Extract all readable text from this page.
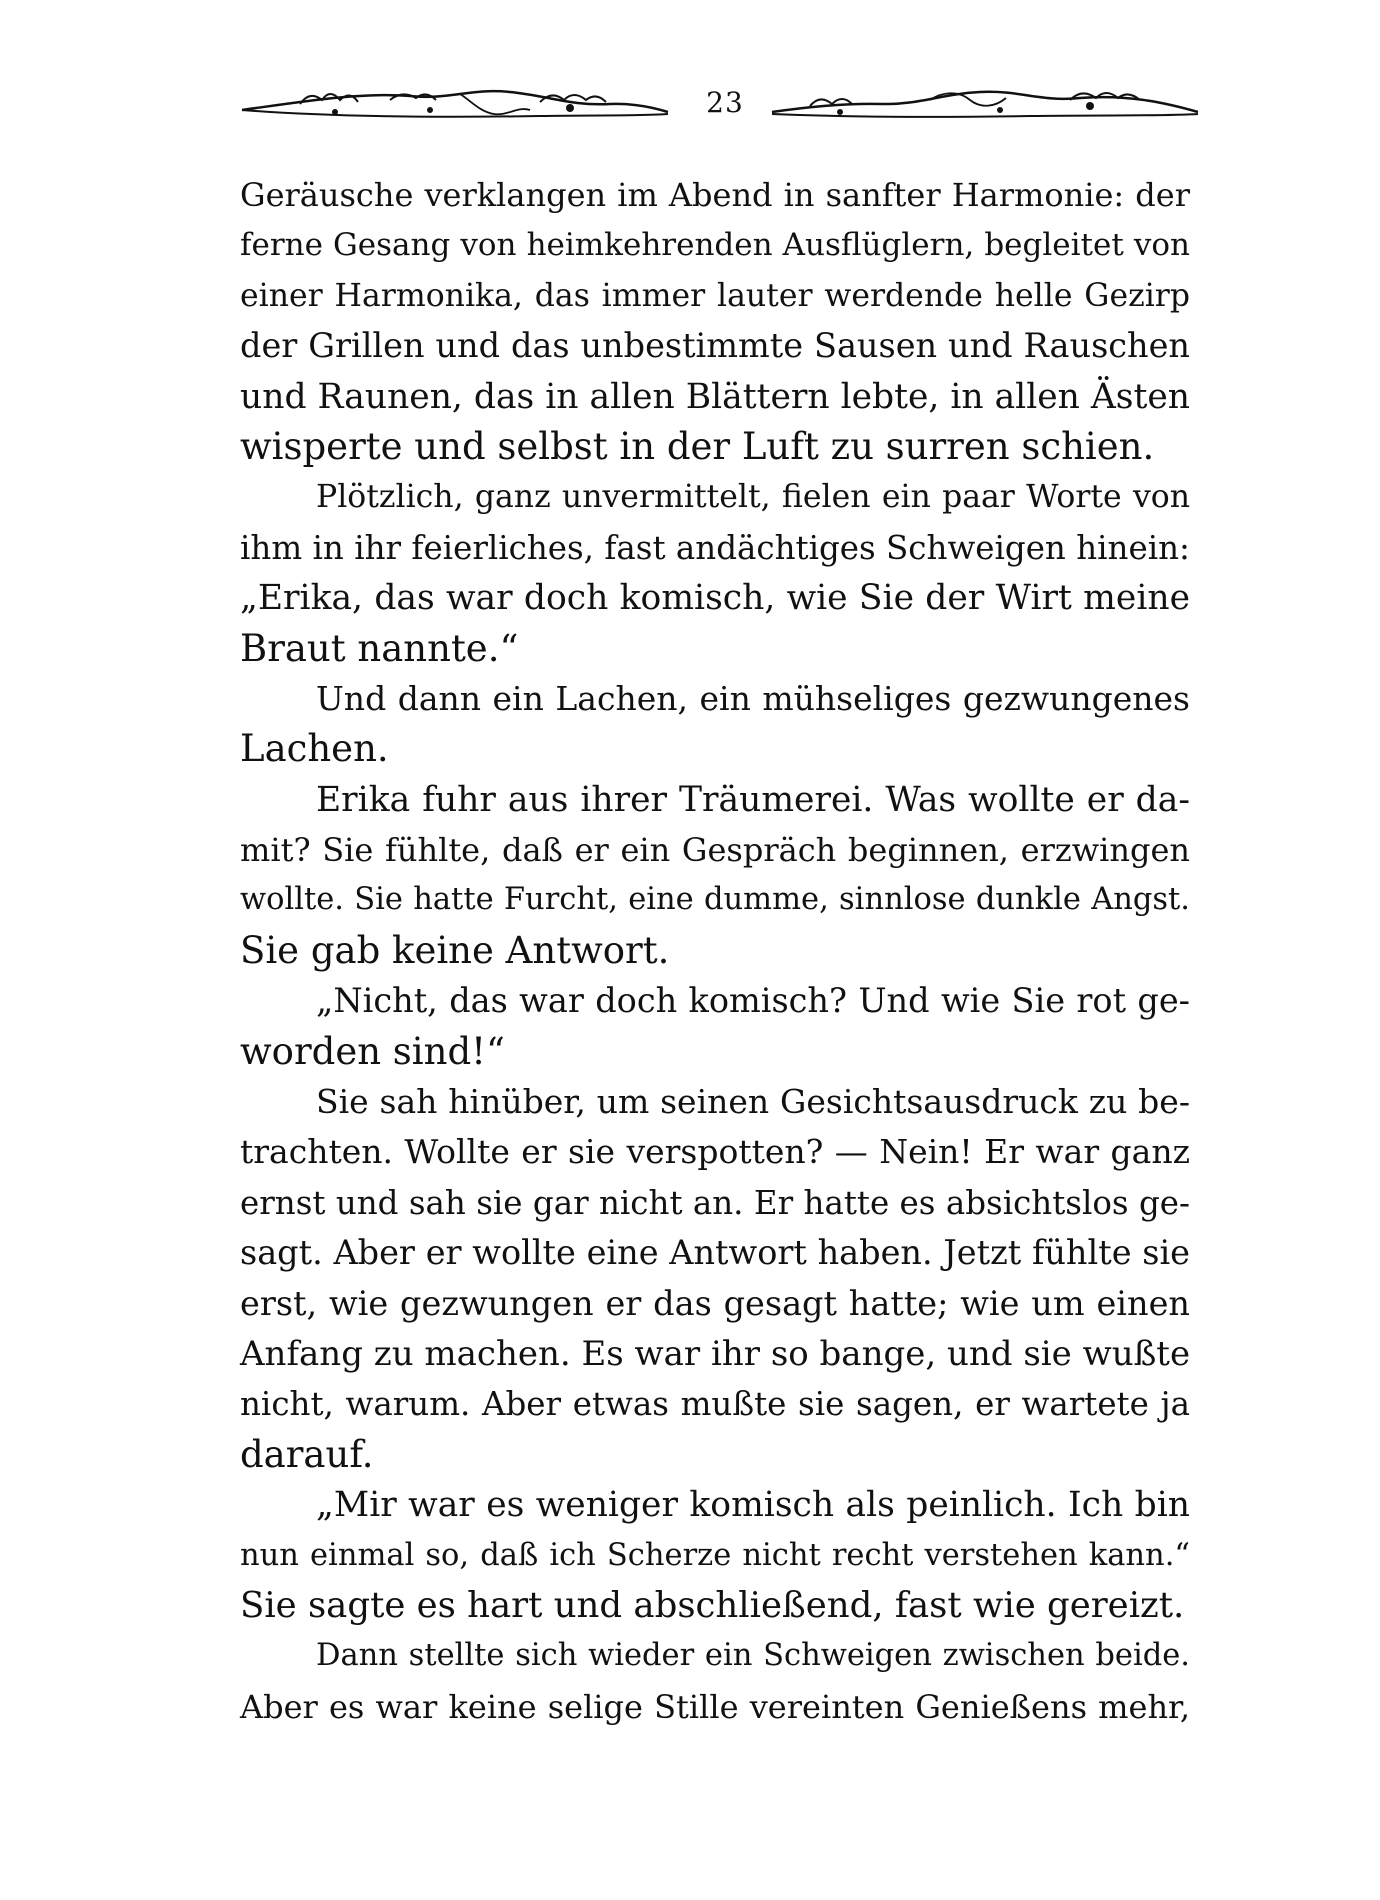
23
Geräusche verklangen im Abend in sanfter Harmonie: der
ferne Gesang von heimkehrenden Ausflüglern, begleitet von
einer Harmonika, das immer lauter werdende helle Gezirp
der Grillen und das unbestimmte Sausen und Rauschen
und Raunen, das in allen Blättern lebte, in allen Ästen
wisperte und selbst in der Luft zu surren schien.
Plötzlich, ganz unvermittelt, fielen ein paar Worte von
ihm in ihr feierliches, fast andächtiges Schweigen hinein:
„Erika, das war doch komisch, wie Sie der Wirt meine
Braut nannte.“
Und dann ein Lachen, ein mühseliges gezwungenes
Lachen.
Erika fuhr aus ihrer Träumerei. Was wollte er da-
mit? Sie fühlte, daß er ein Gespräch beginnen, erzwingen
wollte. Sie hatte Furcht, eine dumme, sinnlose dunkle Angst.
Sie gab keine Antwort.
„Nicht, das war doch komisch? Und wie Sie rot ge-
worden sind!“
Sie sah hinüber, um seinen Gesichtsausdruck zu be-
trachten. Wollte er sie verspotten? — Nein! Er war ganz
ernst und sah sie gar nicht an. Er hatte es absichtslos ge-
sagt. Aber er wollte eine Antwort haben. Jetzt fühlte sie
erst, wie gezwungen er das gesagt hatte; wie um einen
Anfang zu machen. Es war ihr so bange, und sie wußte
nicht, warum. Aber etwas mußte sie sagen, er wartete ja
darauf.
„Mir war es weniger komisch als peinlich. Ich bin
nun einmal so, daß ich Scherze nicht recht verstehen kann.“
Sie sagte es hart und abschließend, fast wie gereizt.
Dann stellte sich wieder ein Schweigen zwischen beide.
Aber es war keine selige Stille vereinten Genießens mehr,
